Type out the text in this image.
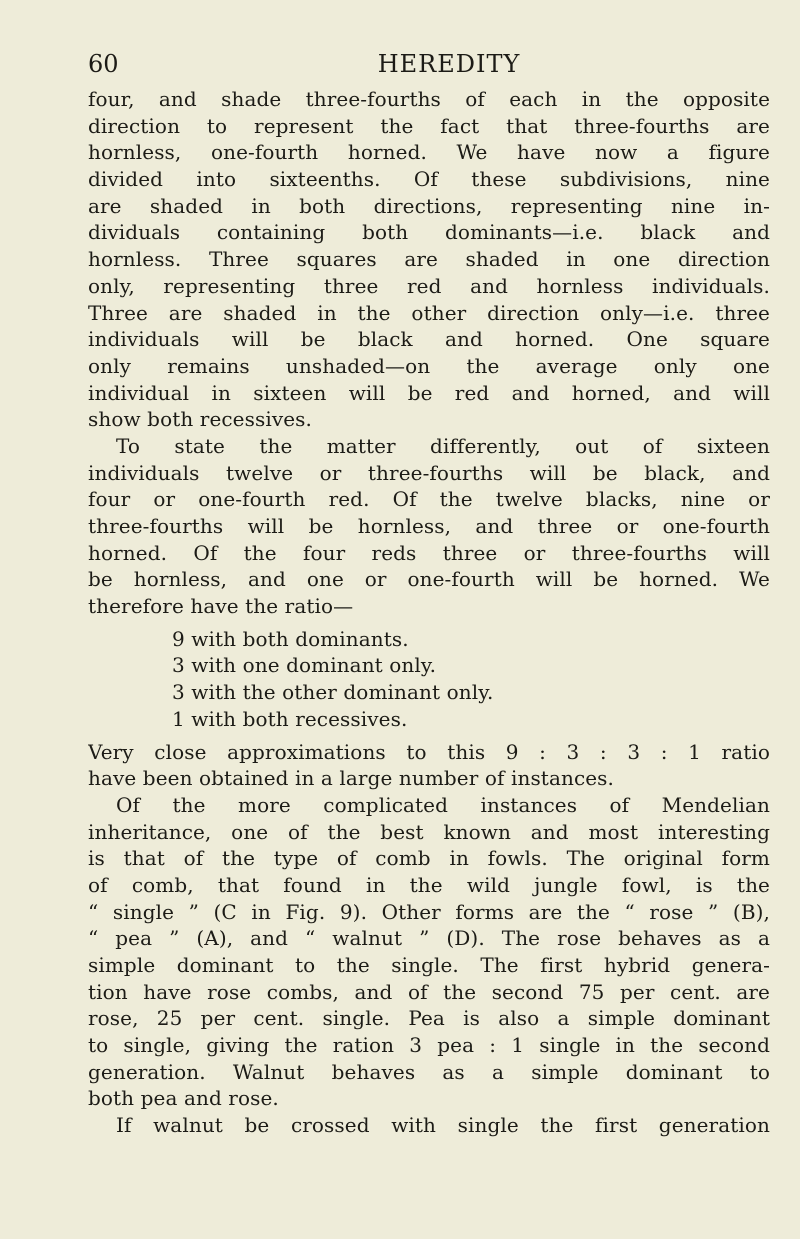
60	HEREDITY
four, and shade three-fourths of each in the opposite
direction to represent the fact that three-fourths are
hornless, one-fourth horned. We have now a figure
divided into sixteenths. Of these subdivisions, nine
are shaded in both directions, representing nine in-
dividuals containing both dominants—i.e. black and
hornless. Three squares are shaded in one direction
only, representing three red and hornless individuals.
Three are shaded in the other direction only—i.e. three
individuals will be black and horned. One square
only remains unshaded—on the average only one
individual in sixteen will be red and horned, and will
show both recessives.
To state the matter differently, out of sixteen
individuals twelve or three-fourths will be black, and
four or one-fourth red. Of the twelve blacks, nine or
three-fourths will be hornless, and three or one-fourth
horned. Of the four reds three or three-fourths will
be hornless, and one or one-fourth will be horned. We
therefore have the ratio—
9 with both dominants.
3 with one dominant only.
3 with the other dominant only.
1 with both recessives.
Very close approximations to this 9 : 3 : 3 : 1 ratio
have been obtained in a large number of instances.
Of the more complicated instances of Mendelian
inheritance, one of the best known and most interesting
is that of the type of comb in fowls. The original form
of comb, that found in the wild jungle fowl, is the
“ single ” (C in Fig. 9). Other forms are the “ rose ” (B),
“ pea ” (A), and “ walnut ” (D). The rose behaves as a
simple dominant to the single. The first hybrid genera-
tion have rose combs, and of the second 75 per cent. are
rose, 25 per cent. single. Pea is also a simple dominant
to single, giving the ration 3 pea : 1 single in the second
generation. Walnut behaves as a simple dominant to
both pea and rose.
If walnut be crossed with single the first generation
